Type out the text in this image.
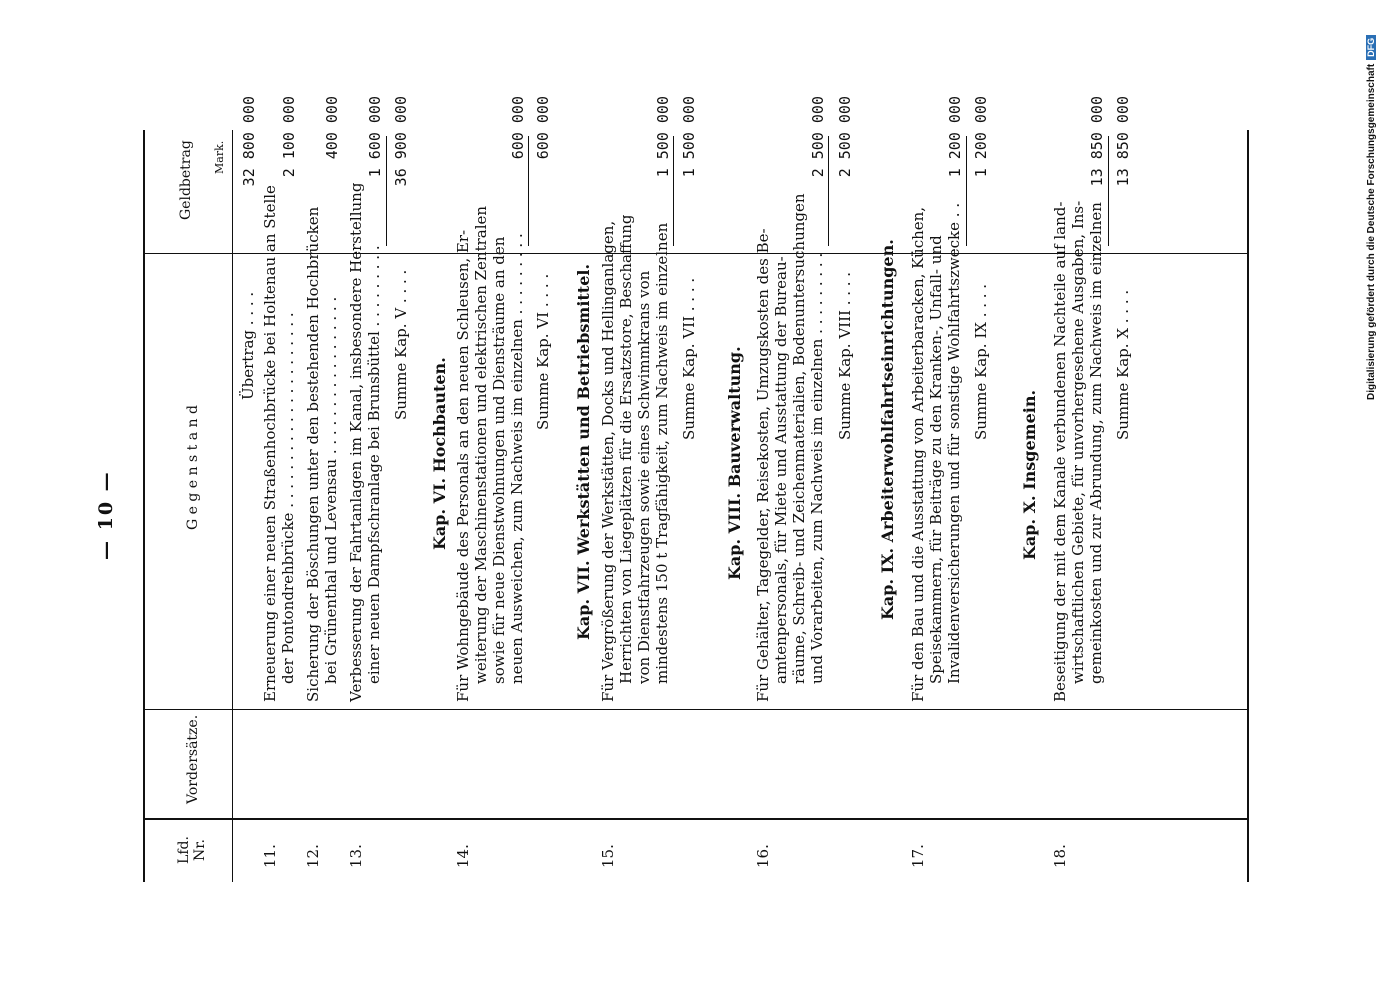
— 10 —
Lfd. Nr.
Vordersätze.
G e g e n s t a n d
Geldbetrag Mark.
Übertrag . . . .
32 800 000
11.
Erneuerung einer neuen Straßenhochbrücke bei Holtenau an Stelle der Pontondrehbrücke . . . . . . . . . . . . . . . . . . . . .
2 100 000
12.
Sicherung der Böschungen unter den bestehenden Hochbrücken bei Grünenthal und Levensau . . . . . . . . . . . . . . . . .
400 000
13.
Verbesserung der Fahrtanlagen im Kanal, insbesondere Herstellung einer neuen Dampfschranlage bei Brunsbüttel . . . . . . . . .
1 600 000
Summe Kap. V . . . .
36 900 000
Kap. VI. Hochbauten.
14.
Für Wohngebäude des Personals an den neuen Schleusen, Er- weiterung der Maschinenstationen und elektrischen Zentralen sowie für neue Dienstwohnungen und Diensträume an den neuen Ausweichen, zum Nachweis im einzelnen . . . . . . . . .
600 000
Summe Kap. VI . . . .
600 000
Kap. VII. Werkstätten und Betriebsmittel.
15.
Für Vergrößerung der Werkstätten, Docks und Hellinganlagen, Herrichten von Liegeplätzen für die Ersatzstore, Beschaffung von Dienstfahrzeugen sowie eines Schwimmkrans von mindestens 150 t Tragfähigkeit, zum Nachweis im einzelnen
1 500 000
Summe Kap. VII . . . .
1 500 000
Kap. VIII. Bauverwaltung.
16.
Für Gehälter, Tagegelder, Reisekosten, Umzugskosten des Be- amtenpersonals, für Miete und Ausstattung der Bureau- räume, Schreib- und Zeichenmaterialien, Bodenuntersuchungen und Vorarbeiten, zum Nachweis im einzelnen . . . . . . . . .
2 500 000
Summe Kap. VIII . . . .
2 500 000
Kap. IX. Arbeiterwohlfahrtseinrichtungen.
17.
Für den Bau und die Ausstattung von Arbeiterbaracken, Küchen, Speisekammern, für Beiträge zu den Kranken-, Unfall- und Invalidenversicherungen und für sonstige Wohlfahrtszwecke . .
1 200 000
Summe Kap. IX . . . .
1 200 000
Kap. X. Insgemein.
18.
Beseitigung der mit dem Kanale verbundenen Nachteile auf land- wirtschaftlichen Gebiete, für unvorhergesehene Ausgaben, Ins- gemeinkosten und zur Abrundung, zum Nachweis im einzelnen
13 850 000
Summe Kap. X . . . .
13 850 000	Digitalisierung gefördert durch die Deutsche ForschungsgemeinschaftDFG
